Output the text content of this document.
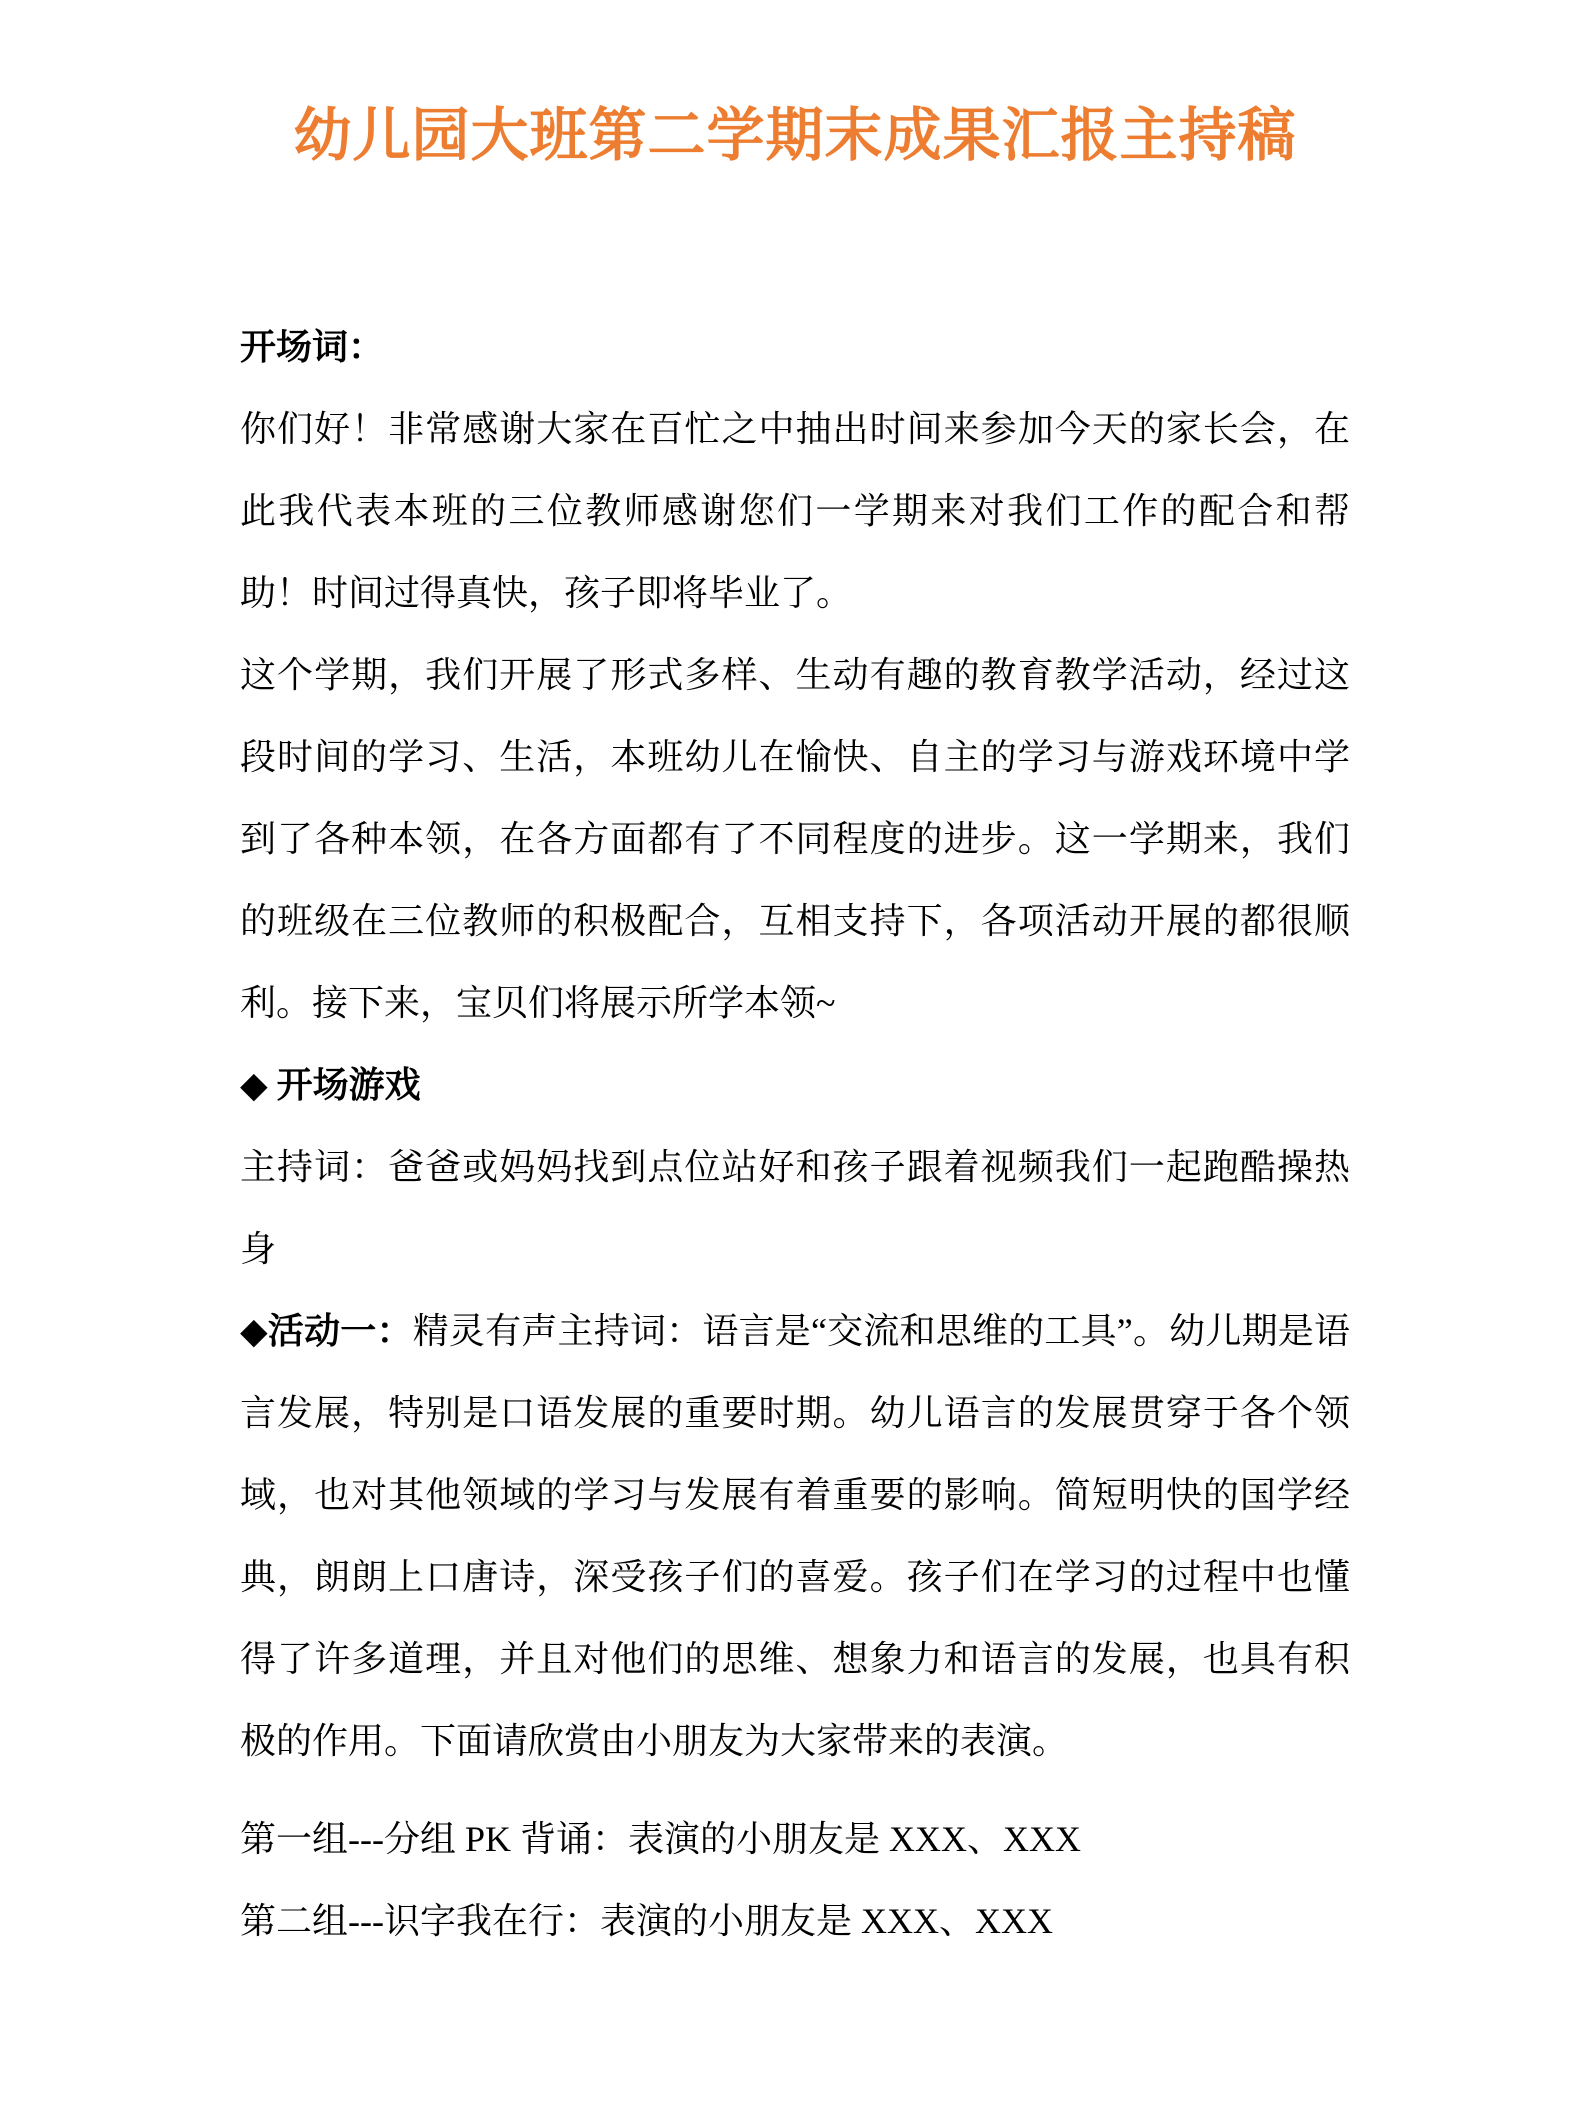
幼儿园大班第二学期末成果汇报主持稿

开场词：

你们好！非常感谢大家在百忙之中抽出时间来参加今天的家长会，在此我代表本班的三位教师感谢您们一学期来对我们工作的配合和帮助！时间过得真快，孩子即将毕业了。

这个学期，我们开展了形式多样、生动有趣的教育教学活动，经过这段时间的学习、生活，本班幼儿在愉快、自主的学习与游戏环境中学到了各种本领，在各方面都有了不同程度的进步。这一学期来，我们的班级在三位教师的积极配合，互相支持下，各项活动开展的都很顺利。接下来，宝贝们将展示所学本领~

◆ 开场游戏

主持词：爸爸或妈妈找到点位站好和孩子跟着视频我们一起跑酷操热身

◆活动一：精灵有声主持词：语言是“交流和思维的工具”。幼儿期是语言发展，特别是口语发展的重要时期。幼儿语言的发展贯穿于各个领域，也对其他领域的学习与发展有着重要的影响。简短明快的国学经典，朗朗上口唐诗，深受孩子们的喜爱。孩子们在学习的过程中也懂得了许多道理，并且对他们的思维、想象力和语言的发展，也具有积极的作用。下面请欣赏由小朋友为大家带来的表演。

第一组---分组 PK 背诵：表演的小朋友是 XXX、XXX

第二组---识字我在行：表演的小朋友是 XXX、XXX
